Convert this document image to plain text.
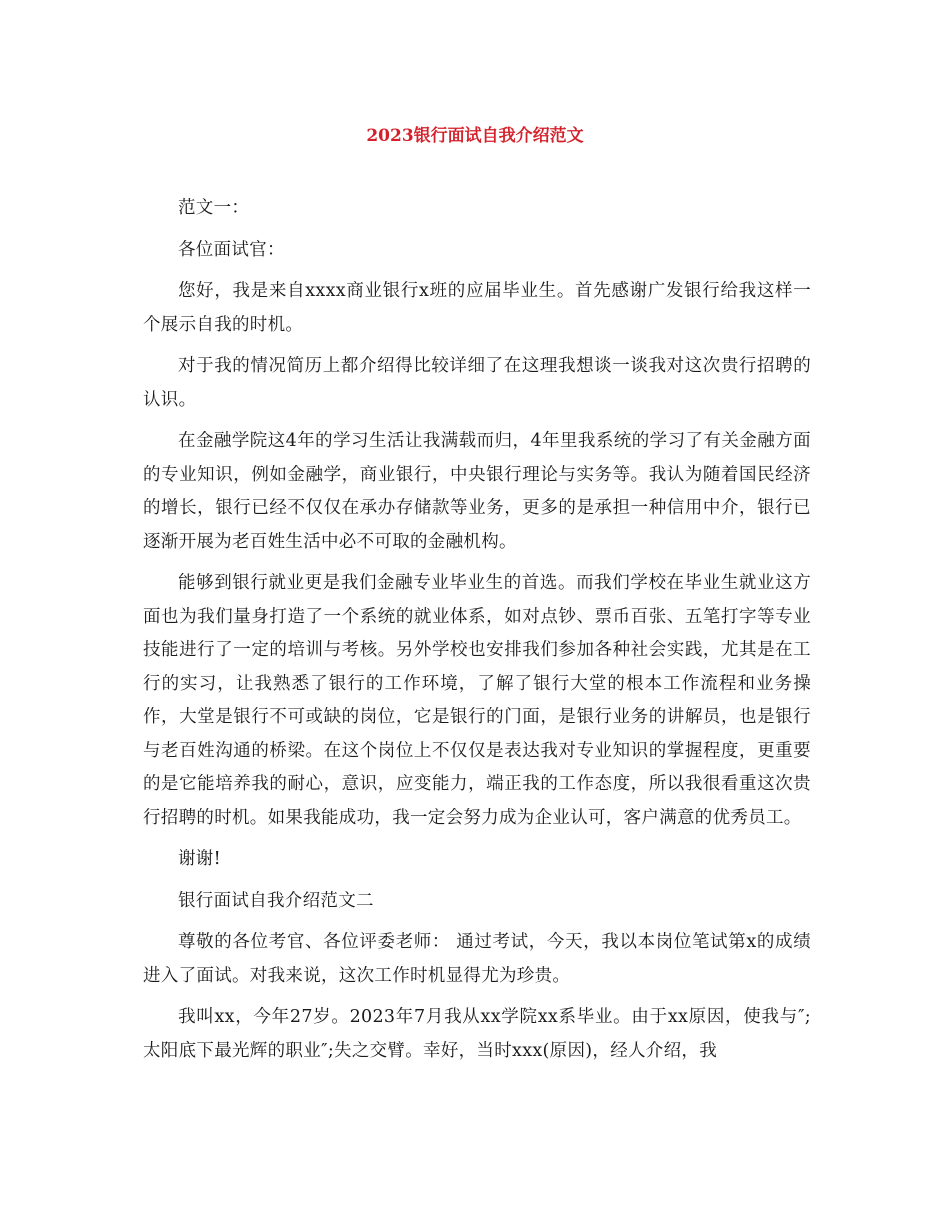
2023银行面试自我介绍范文

范文一：

各位面试官：

您好，我是来自xxxx商业银行x班的应届毕业生。首先感谢广发银行给我这样一个展示自我的时机。

对于我的情况简历上都介绍得比较详细了在这理我想谈一谈我对这次贵行招聘的认识。

在金融学院这4年的学习生活让我满载而归，4年里我系统的学习了有关金融方面的专业知识，例如金融学，商业银行，中央银行理论与实务等。我认为随着国民经济的增长，银行已经不仅仅在承办存储款等业务，更多的是承担一种信用中介，银行已逐渐开展为老百姓生活中必不可取的金融机构。

能够到银行就业更是我们金融专业毕业生的首选。而我们学校在毕业生就业这方面也为我们量身打造了一个系统的就业体系，如对点钞、票币百张、五笔打字等专业技能进行了一定的培训与考核。另外学校也安排我们参加各种社会实践，尤其是在工行的实习，让我熟悉了银行的工作环境，了解了银行大堂的根本工作流程和业务操作，大堂是银行不可或缺的岗位，它是银行的门面，是银行业务的讲解员，也是银行与老百姓沟通的桥梁。在这个岗位上不仅仅是表达我对专业知识的掌握程度，更重要的是它能培养我的耐心，意识，应变能力，端正我的工作态度，所以我很看重这次贵行招聘的时机。如果我能成功，我一定会努力成为企业认可，客户满意的优秀员工。

谢谢!

银行面试自我介绍范文二

尊敬的各位考官、各位评委老师： 通过考试，今天，我以本岗位笔试第x的成绩进入了面试。对我来说，这次工作时机显得尤为珍贵。

我叫xx，今年27岁。2023年7月我从xx学院xx系毕业。由于xx原因，使我与″;太阳底下最光辉的职业″;失之交臂。幸好，当时xxx(原因)，经人介绍，我
